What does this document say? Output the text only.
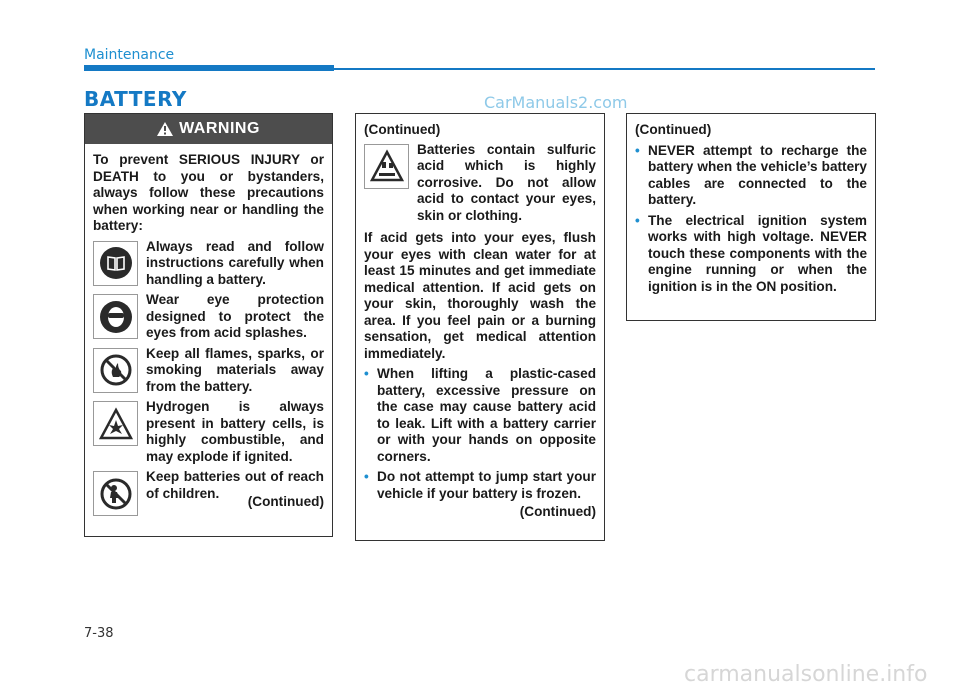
Maintenance
BATTERY	CarManuals2.com
WARNING
To prevent SERIOUS INJURY or DEATH to you or bystanders, always follow these precautions when working near or handling the battery:
Always read and follow instructions carefully when handling a battery.
Wear eye protection designed to protect the eyes from acid splashes.
Keep all flames, sparks, or smoking materials away from the battery.
Hydrogen is always present in battery cells, is highly combustible, and may explode if ignited.
Keep batteries out of reach of children.
(Continued)
(Continued)
Batteries contain sulfuric acid which is highly corrosive. Do not allow acid to contact your eyes, skin or clothing.
If acid gets into your eyes, flush your eyes with clean water for at least 15 minutes and get immediate medical attention. If acid gets on your skin, thoroughly wash the area. If you feel pain or a burning sensation, get medical attention immediately.
• When lifting a plastic-cased battery, excessive pressure on the case may cause battery acid to leak. Lift with a battery carrier or with your hands on opposite corners.
• Do not attempt to jump start your vehicle if your battery is frozen.
(Continued)
(Continued)
• NEVER attempt to recharge the battery when the vehicle’s battery cables are connected to the battery.
• The electrical ignition system works with high voltage. NEVER touch these components with the engine running or when the ignition is in the ON position.
7-38
carmanualsonline.info
